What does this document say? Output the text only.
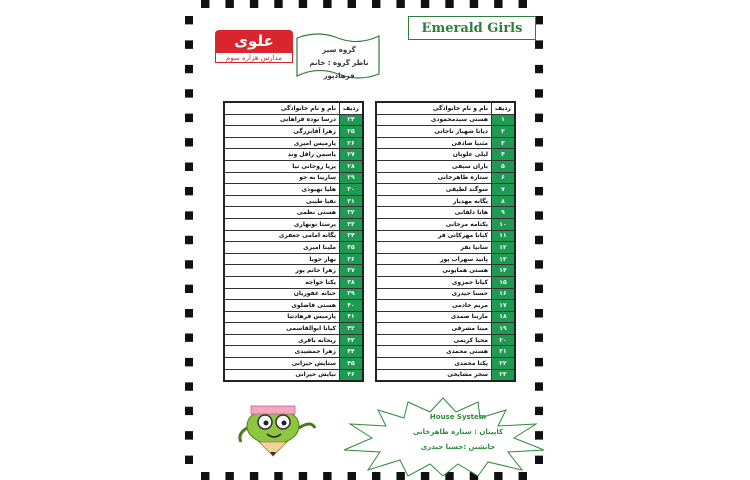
علوی
مدارس هزاره سوم
Emerald Girls
گروه سبز
ناظر گروه : خانم فرهادپور
ردیف	نام و نام خانوادگی
۱	هستی سیدمحمودی
۲	دیانا شهباز ناجانی
۳	مثنیا صادقی
۴	لیلی علویان
۵	باران سیفی
۶	ستاره طاهرخانی
۷	سوگند لطیفی
۸	یگانه مهدیار
۹	هانا دلفانی
۱۰	یکتامه مرجانی
۱۱	کیانا مهرکانی فر
۱۲	سانیا نفر
۱۳	پانیذ سهراب پور
۱۴	هستی همایونی
۱۵	کیانا حمزوی
۱۶	حسنا حیدری
۱۷	مریم خادمی
۱۸	مارینا صمدی
۱۹	مینا مشرقی
۲۰	محیا کریمی
۲۱	هستی محمدی
۲۲	یکتا محمدی
۲۳	سحر مشایخی
ردیف	نام و نام خانوادگی
۲۴	درسا نوده فراهانی
۲۵	زهرا آقابزرگی
۲۶	پارمیس امیری
۲۷	یاسمن راقل وند
۲۸	پریا روحانی نیا
۲۹	سارینا به جو
۳۰	هلیا بهبودی
۳۱	نفیا طیبی
۳۲	هستی نظمی
۳۳	پرستا نوبهاری
۳۴	یگانه امامی جعفری
۳۵	ملینا امیری
۳۶	بهار جویا
۳۷	زهرا حاتم پور
۳۸	یکتا خواجه
۳۹	حنانه غفوریان
۴۰	هستی فاضلوی
۴۱	پارمیس فرهادنیا
۴۲	کیانا ابوالقاسمی
۴۳	ریحانه باقری
۴۴	زهرا جمشیدی
۴۵	ستایش حیرانی
۴۶	نیایش حیرانی
House System
کاپیتان : ستاره طاهرخانی
جانشین :حسنا حیدری
